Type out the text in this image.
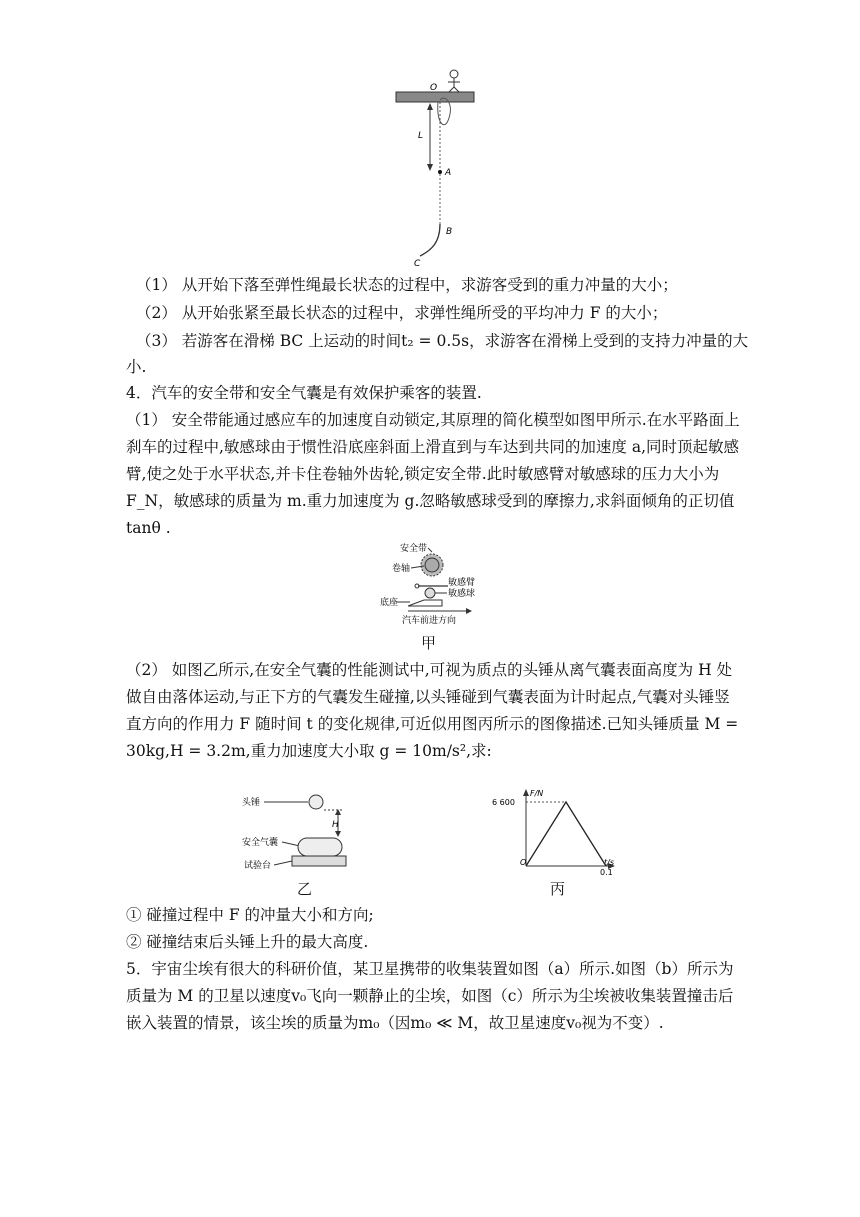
O
L
A
B
C
（1） 从开始下落至弹性绳最长状态的过程中，求游客受到的重力冲量的大小；
（2） 从开始张紧至最长状态的过程中，求弹性绳所受的平均冲力 F 的大小；
（3） 若游客在滑梯 BC 上运动的时间t₂ = 0.5s，求游客在滑梯上受到的支持力冲量的大
小.
4．汽车的安全带和安全气囊是有效保护乘客的装置.
（1） 安全带能通过感应车的加速度自动锁定,其原理的简化模型如图甲所示.在水平路面上
刹车的过程中,敏感球由于惯性沿底座斜面上滑直到与车达到共同的加速度 a,同时顶起敏感
臂,使之处于水平状态,并卡住卷轴外齿轮,锁定安全带.此时敏感臂对敏感球的压力大小为
F_N，敏感球的质量为 m.重力加速度为 g.忽略敏感球受到的摩擦力,求斜面倾角的正切值
tanθ .
安全带
卷轴
敏感臂
敏感球
底座
汽车前进方向
甲
（2） 如图乙所示,在安全气囊的性能测试中,可视为质点的头锤从离气囊表面高度为 H 处
做自由落体运动,与正下方的气囊发生碰撞,以头锤碰到气囊表面为计时起点,气囊对头锤竖
直方向的作用力 F 随时间 t 的变化规律,可近似用图丙所示的图像描述.已知头锤质量 M =
30kg,H = 3.2m,重力加速度大小取 g = 10m/s²,求:
头锤
H
安全气囊
试验台
乙
F/N
t/s
O
6 600
0.1
丙
① 碰撞过程中 F 的冲量大小和方向;
② 碰撞结束后头锤上升的最大高度.
5．宇宙尘埃有很大的科研价值，某卫星携带的收集装置如图（a）所示.如图（b）所示为
质量为 M 的卫星以速度v₀飞向一颗静止的尘埃，如图（c）所示为尘埃被收集装置撞击后
嵌入装置的情景，该尘埃的质量为m₀（因m₀ ≪ M，故卫星速度v₀视为不变）.
